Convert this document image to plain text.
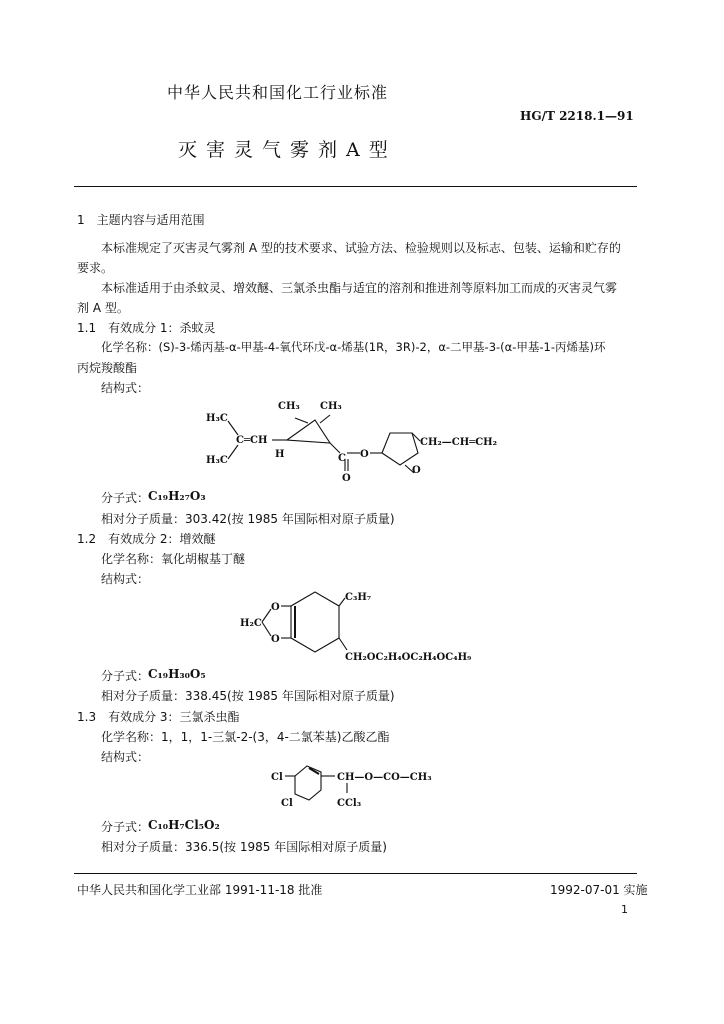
中华人民共和国化工行业标准
HG/T 2218.1—91
灭害灵气雾剂A型
1　主题内容与适用范围
本标准规定了灭害灵气雾剂 A 型的技术要求、试验方法、检验规则以及标志、包装、运输和贮存的
要求。
本标准适用于由杀蚊灵、增效醚、三氯杀虫酯与适宜的溶剂和推进剂等原料加工而成的灭害灵气雾
剂 A 型。
1.1　有效成分 1：杀蚊灵
化学名称：(S)-3-烯丙基-α-甲基-4-氧代环戊-α-烯基(1R，3R)-2，α-二甲基-3-(α-甲基-1-丙烯基)环
丙烷羧酸酯
结构式：
CH₃ CH₃
H₃C
H₃C
C═CH
H	C
O
O
O
CH₂—CH═CH₂
分子式：
C₁₉H₂₇O₃
相对分子质量：303.42(按 1985 年国际相对原子质量)
1.2　有效成分 2：增效醚
化学名称：氧化胡椒基丁醚
结构式：
C₃H₇
H₂C
O
O
CH₂OC₂H₄OC₂H₄OC₄H₉
分子式：
C₁₉H₃₀O₅
相对分子质量：338.45(按 1985 年国际相对原子质量)
1.3　有效成分 3：三氯杀虫酯
化学名称：1，1，1-三氯-2-(3，4-二氯苯基)乙酸乙酯
结构式：
Cl
Cl
CH—O—CO—CH₃
CCl₃
分子式：
C₁₀H₇Cl₅O₂
相对分子质量：336.5(按 1985 年国际相对原子质量)
中华人民共和国化学工业部 1991-11-18 批准	1992-07-01 实施
1
